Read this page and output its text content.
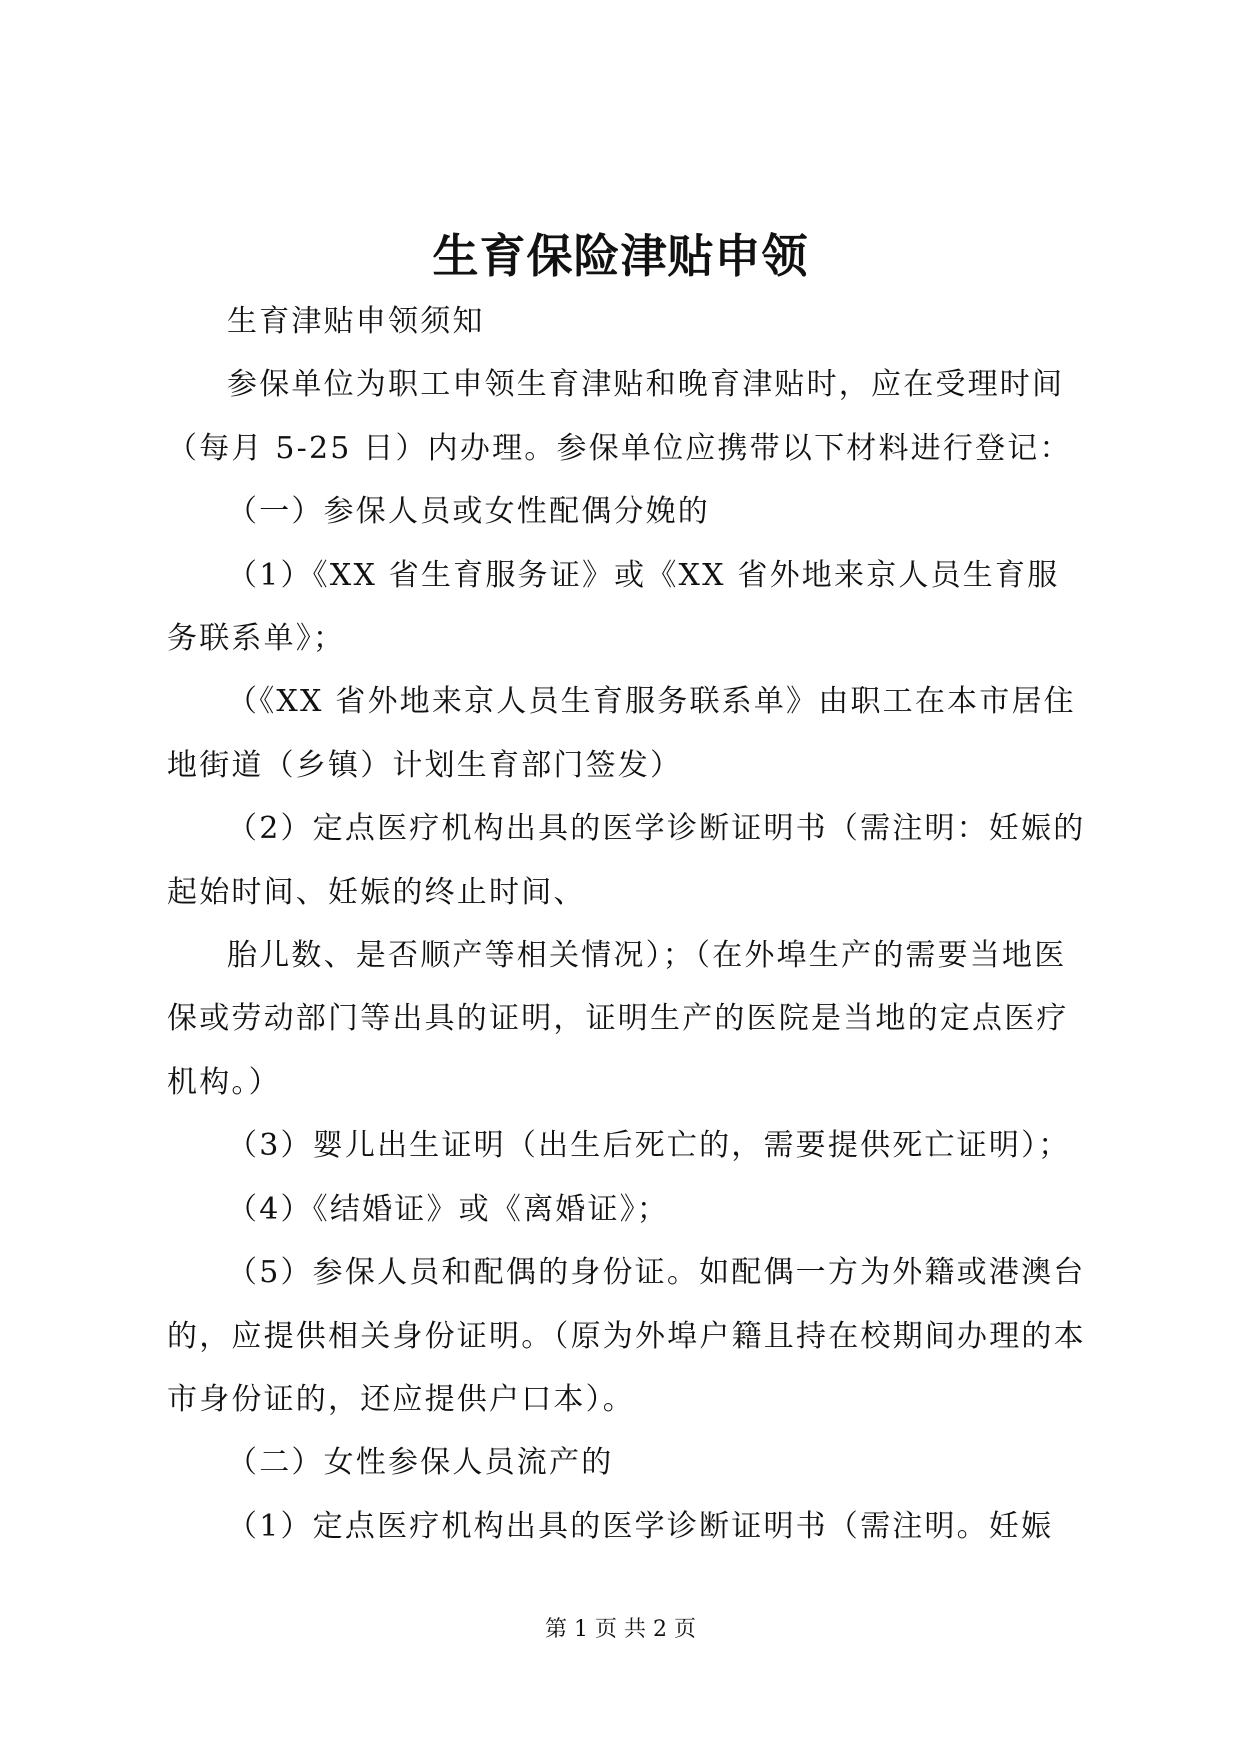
生育保险津贴申领

生育津贴申领须知

参保单位为职工申领生育津贴和晚育津贴时，应在受理时间（每月 5-25 日）内办理。参保单位应携带以下材料进行登记：

（一）参保人员或女性配偶分娩的

（1）《XX 省生育服务证》或《XX 省外地来京人员生育服务联系单》；

（《XX 省外地来京人员生育服务联系单》由职工在本市居住地街道（乡镇）计划生育部门签发）

（2）定点医疗机构出具的医学诊断证明书（需注明：妊娠的起始时间、妊娠的终止时间、

胎儿数、是否顺产等相关情况）；（在外埠生产的需要当地医保或劳动部门等出具的证明，证明生产的医院是当地的定点医疗机构。）

（3）婴儿出生证明（出生后死亡的，需要提供死亡证明）；

（4）《结婚证》或《离婚证》；

（5）参保人员和配偶的身份证。如配偶一方为外籍或港澳台的，应提供相关身份证明。（原为外埠户籍且持在校期间办理的本市身份证的，还应提供户口本）。

（二）女性参保人员流产的

（1）定点医疗机构出具的医学诊断证明书（需注明。妊娠

第 1 页 共 2 页
